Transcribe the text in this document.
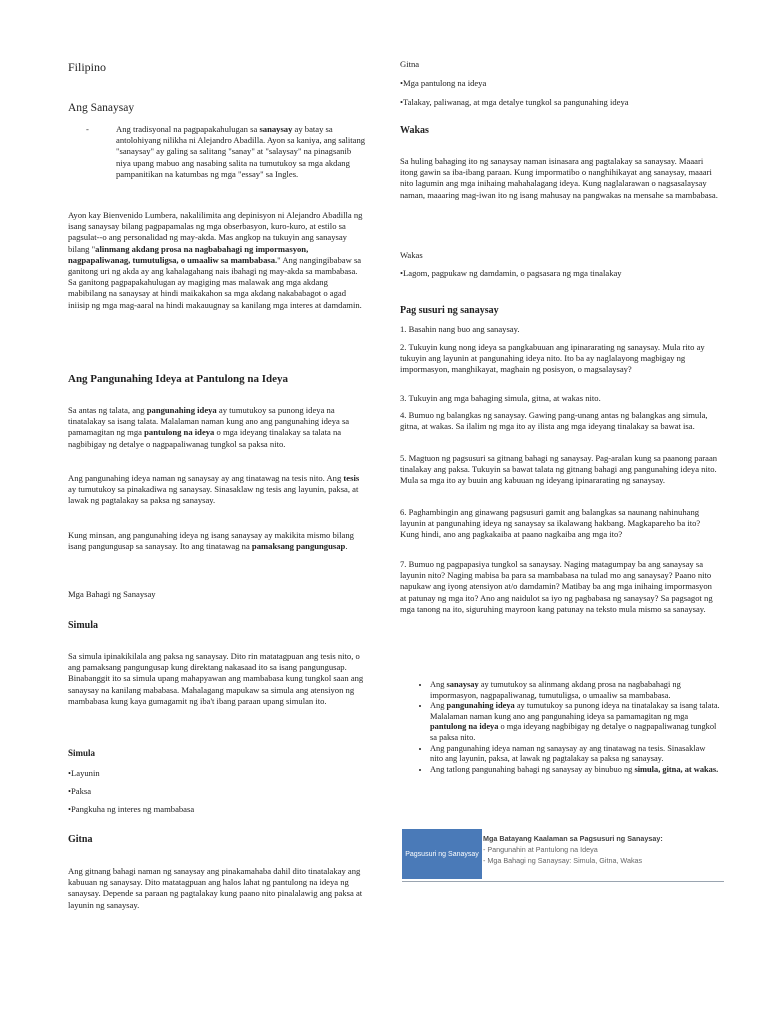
Filipino
Ang Sanaysay
-	Ang tradisyonal na pagpapakahulugan sa sanaysay ay batay sa antolohiyang nilikha ni Alejandro Abadilla. Ayon sa kaniya, ang salitang "sanaysay" ay galing sa salitang "sanay" at "salaysay" na pinagsanib niya upang mabuo ang nasabing salita na tumutukoy sa mga akdang pampanitikan na katumbas ng mga "essay" sa Ingles.

Ayon kay Bienvenido Lumbera, nakalilimita ang depinisyon ni Alejandro Abadilla ng isang sanaysay bilang pagpapamalas ng mga obserbasyon, kuro-kuro, at estilo sa pagsulat--o ang personalidad ng may-akda. Mas angkop na tukuyin ang sanaysay bilang "alinmang akdang prosa na nagbabahagi ng impormasyon, nagpapaliwanag, tumutuligsa, o umaaliw sa mambabasa." Ang nangingibabaw sa ganitong uri ng akda ay ang kahalagahang nais ibahagi ng may-akda sa mambabasa. Sa ganitong pagpapakahulugan ay magiging mas malawak ang mga akdang mabibilang na sanaysay at hindi maikakahon sa mga akdang nakababagot o agad iniisip ng mga mag-aaral na hindi makauugnay sa kanilang mga interes at damdamin.

Ang Pangunahing Ideya at Pantulong na Ideya

Sa antas ng talata, ang pangunahing ideya ay tumutukoy sa punong ideya na tinatalakay sa isang talata. Malalaman naman kung ano ang pangunahing ideya sa pamamagitan ng mga pantulong na ideya o mga ideyang tinalakay sa talata na nagbibigay ng detalye o nagpapaliwanag tungkol sa paksa nito.

Ang pangunahing ideya naman ng sanaysay ay ang tinatawag na tesis nito. Ang tesis ay tumutukoy sa pinakadiwa ng sanaysay. Sinasaklaw ng tesis ang layunin, paksa, at lawak ng pagtalakay sa paksa ng sanaysay.

Kung minsan, ang pangunahing ideya ng isang sanaysay ay makikita mismo bilang isang pangungusap sa sanaysay. Ito ang tinatawag na pamaksang pangungusap.

Mga Bahagi ng Sanaysay

Simula

Sa simula ipinakikilala ang paksa ng sanaysay. Dito rin matatagpuan ang tesis nito, o ang pamaksang pangungusap kung direktang nakasaad ito sa isang pangungusap. Binabanggit ito sa simula upang mahapyawan ang mambabasa kung tungkol saan ang sanaysay na kanilang mababasa. Mahalagang mapukaw sa simula ang atensiyon ng mambabasa kung kaya gumagamit ng iba't ibang paraan upang simulan ito.

Simula

•Layunin

•Paksa

•Pangkuha ng interes ng mambabasa

Gitna

Ang gitnang bahagi naman ng sanaysay ang pinakamahaba dahil dito tinatalakay ang kabuuan ng sanaysay. Dito matatagpuan ang halos lahat ng pantulong na ideya ng sanaysay. Depende sa paraan ng pagtalakay kung paano nito pinalalawig ang paksa at layunin ng sanaysay.

Gitna

•Mga pantulong na ideya

•Talakay, paliwanag, at mga detalye tungkol sa pangunahing ideya

Wakas

Sa huling bahaging ito ng sanaysay naman isinasara ang pagtalakay sa sanaysay. Maaari itong gawin sa iba-ibang paraan. Kung impormatibo o nanghihikayat ang sanaysay, maaari nito lagumin ang mga inihaing mahahalagang ideya. Kung naglalarawan o nagsasalaysay naman, maaaring mag-iwan ito ng isang mahusay na pangwakas na mensahe sa mambabasa.

Wakas

•Lagom, pagpukaw ng damdamin, o pagsasara ng mga tinalakay

Pag susuri ng sanaysay

1. Basahin nang buo ang sanaysay.

2. Tukuyin kung nong ideya sa pangkabuuan ang ipinararating ng sanaysay. Mula rito ay tukuyin ang layunin at pangunahing ideya nito. Ito ba ay naglalayong magbigay ng impormasyon, manghikayat, maghain ng posisyon, o magsalaysay?

3. Tukuyin ang mga bahaging simula, gitna, at wakas nito.

4. Bumuo ng balangkas ng sanaysay. Gawing pang-unang antas ng balangkas ang simula, gitna, at wakas. Sa ilalim ng mga ito ay ilista ang mga ideyang tinalakay sa bawat isa.

5. Magtuon ng pagsusuri sa gitnang bahagi ng sanaysay. Pag-aralan kung sa paanong paraan tinalakay ang paksa. Tukuyin sa bawat talata ng gitnang bahagi ang pangunahing ideya nito. Mula sa mga ito ay buuin ang kabuuan ng ideyang ipinararating ng sanaysay.

6. Paghambingin ang ginawang pagsusuri gamit ang balangkas sa naunang nahinuhang layunin at pangunahing ideya ng sanaysay sa ikalawang hakbang. Magkapareho ba ito? Kung hindi, ano ang pagkakaiba at paano nagkaiba ang mga ito?

7. Bumuo ng pagpapasiya tungkol sa sanaysay. Naging matagumpay ba ang sanaysay sa layunin nito? Naging mabisa ba para sa mambabasa na tulad mo ang sanaysay? Paano nito napukaw ang iyong atensiyon at/o damdamin? Matibay ba ang mga inihaing impormasyon at patunay ng mga ito? Ano ang naidulot sa iyo ng pagbabasa ng sanaysay? Sa pagsagot ng mga tanong na ito, siguruhing mayroon kang patunay na teksto mula mismo sa sanaysay.

• Ang sanaysay ay tumutukoy sa alinmang akdang prosa na nagbabahagi ng impormasyon, nagpapaliwanag, tumutuligsa, o umaaliw sa mambabasa.
• Ang pangunahing ideya ay tumutukoy sa punong ideya na tinatalakay sa isang talata. Malalaman naman kung ano ang pangunahing ideya sa pamamagitan ng mga pantulong na ideya o mga ideyang nagbibigay ng detalye o nagpapaliwanag tungkol sa paksa nito.
• Ang pangunahing ideya naman ng sanaysay ay ang tinatawag na tesis. Sinasaklaw nito ang layunin, paksa, at lawak ng pagtalakay sa paksa ng sanaysay.
• Ang tatlong pangunahing bahagi ng sanaysay ay binubuo ng simula, gitna, at wakas.
Pagsusuri ng Sanaysay
Mga Batayang Kaalaman sa Pagsusuri ng Sanaysay:
- Pangunahin at Pantulong na Ideya
- Mga Bahagi ng Sanaysay: Simula, Gitna, Wakas
